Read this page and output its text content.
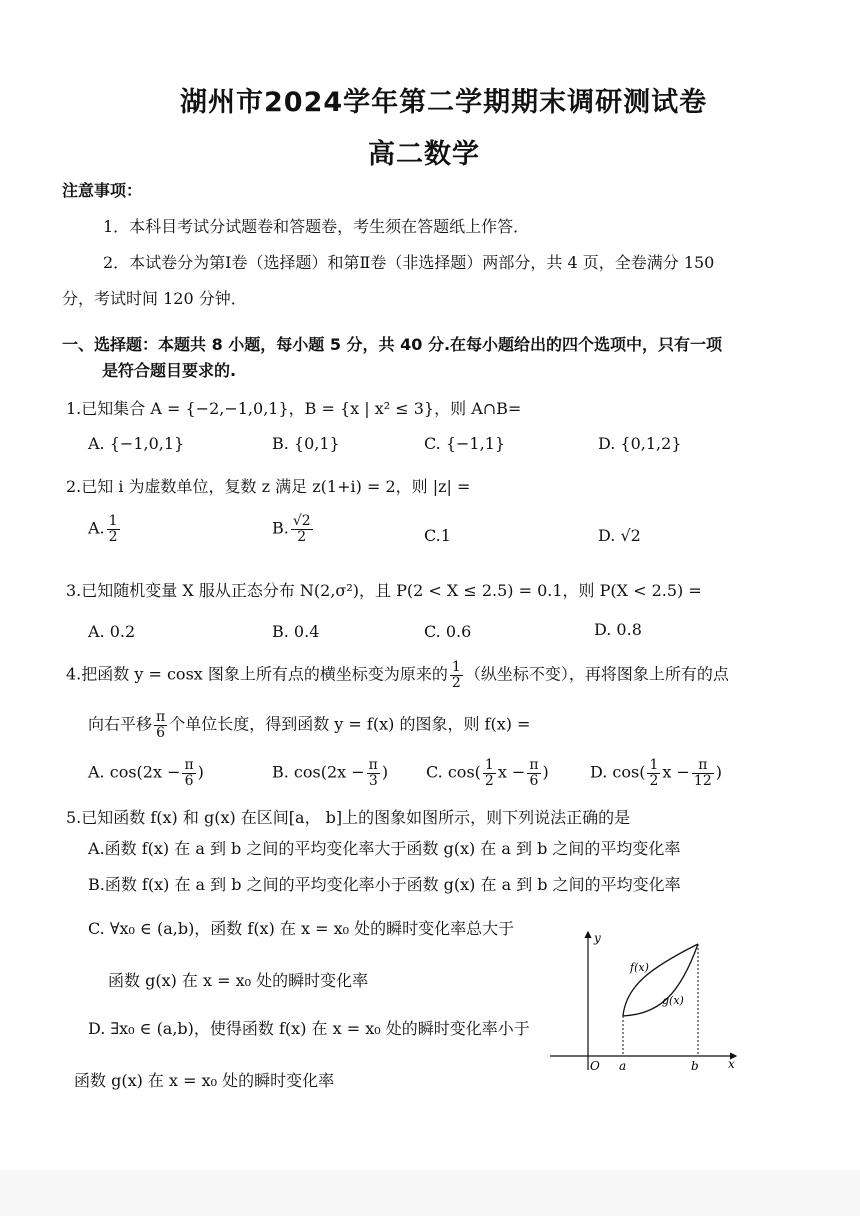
湖州市2024学年第二学期期末调研测试卷
高二数学
注意事项：
1．本科目考试分试题卷和答题卷，考生须在答题纸上作答．
2．本试卷分为第Ⅰ卷（选择题）和第Ⅱ卷（非选择题）两部分，共 4 页，全卷满分 150
分，考试时间 120 分钟．
一、选择题：本题共 8 小题，每小题 5 分，共 40 分.在每小题给出的四个选项中，只有一项
是符合题目要求的.
1.已知集合 A = {−2,−1,0,1}，B = {x | x² ≤ 3}，则 A∩B=
A. {−1,0,1}	B. {0,1}	C. {−1,1}	D. {0,1,2}
2.已知 i 为虚数单位，复数 z 满足 z(1+i) = 2，则 |z| =
A. $\frac{1}{2}$	B. $\frac{√2}{2}$	C.1	D. √2
3.已知随机变量 X 服从正态分布 N(2,σ²)，且 P(2 < X ≤ 2.5) = 0.1，则 P(X < 2.5) =
A. 0.2	B. 0.4	C. 0.6	D. 0.8
4.把函数 y = cosx 图象上所有点的横坐标变为原来的 $\frac{1}{2}$ （纵坐标不变），再将图象上所有的点
向右平移 $\frac{\pi}{6}$ 个单位长度，得到函数 y = f(x) 的图象，则 f(x) =
A. $\cos(2x - \frac{\pi}{6}$ )	B. $\cos(2x - \frac{\pi}{3}$ ) C. $\cos( \frac{1}{2}$ $x - \frac{\pi}{6}$ )	D. $\cos( \frac{1}{2}$ $x - \frac{\pi}{12}$ )
5.已知函数 f(x) 和 g(x) 在区间[a， b]上的图象如图所示，则下列说法正确的是
A.函数 f(x) 在 a 到 b 之间的平均变化率大于函数 g(x) 在 a 到 b 之间的平均变化率
B.函数 f(x) 在 a 到 b 之间的平均变化率小于函数 g(x) 在 a 到 b 之间的平均变化率
C. ∀x₀ ∈ (a,b)，函数 f(x) 在 x = x₀ 处的瞬时变化率总大于
函数 g(x) 在 x = x₀ 处的瞬时变化率
D. ∃x₀ ∈ (a,b)，使得函数 f(x) 在 x = x₀ 处的瞬时变化率小于
函数 g(x) 在 x = x₀ 处的瞬时变化率
y
x
O a	b
f(x)
g(x)
